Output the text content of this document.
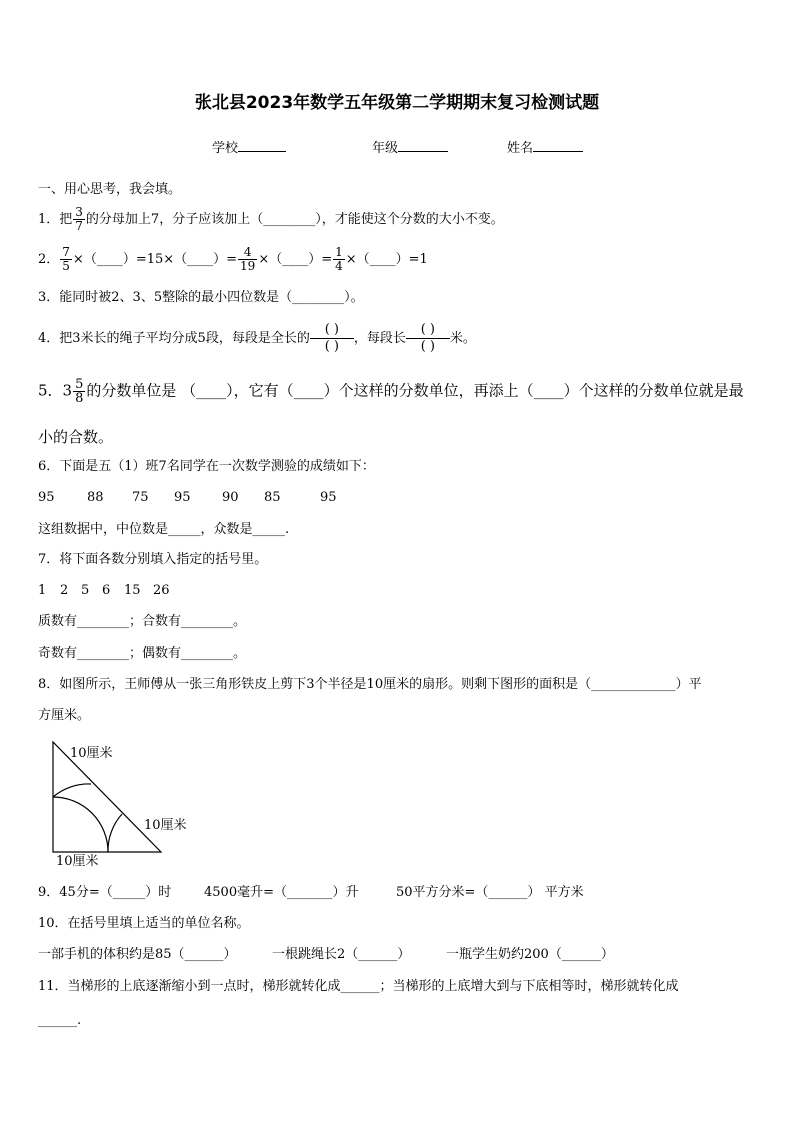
张北县2023年数学五年级第二学期期末复习检测试题
学校	年级	姓名
一、用心思考，我会填。
1．把 $\frac{3}{7}$ 的分母加上7，分子应该加上（________），才能使这个分数的大小不变。
2． $\frac{7}{5}$ ×（____）=15×（____）= $\frac{4}{19}$ ×（____）= $\frac{1}{4}$ ×（____）=1
3．能同时被2、3、5整除的最小四位数是（________）。
4．把3米长的绳子平均分成5段，每段是全长的
( )
( )
，每段长
( )
( )
米。
5．$3 \frac{5}{8}$ 的分数单位是 （____），它有（____）个这样的分数单位，再添上（____）个这样的分数单位就是最
小的合数。
6．下面是五（1）班7名同学在一次数学测验的成绩如下：
95 88 75 95 90 85	95
这组数据中，中位数是_____，众数是_____.
7．将下面各数分别填入指定的括号里。
1 2 5 6 15 26
质数有________；合数有________。
奇数有________；偶数有________。
8．如图所示，王师傅从一张三角形铁皮上剪下3个半径是10厘米的扇形。则剩下图形的面积是（_____________）平
方厘米。
10厘米
10厘米
10厘米
9．45分=（_____）时	4500毫升=（_______）升	50平方分米=（______） 平方米
10．在括号里填上适当的单位名称。
一部手机的体积约是85（______）	一根跳绳长2（______）	一瓶学生奶约200（______）
11．当梯形的上底逐渐缩小到一点时，梯形就转化成______；当梯形的上底增大到与下底相等时，梯形就转化成
______.
